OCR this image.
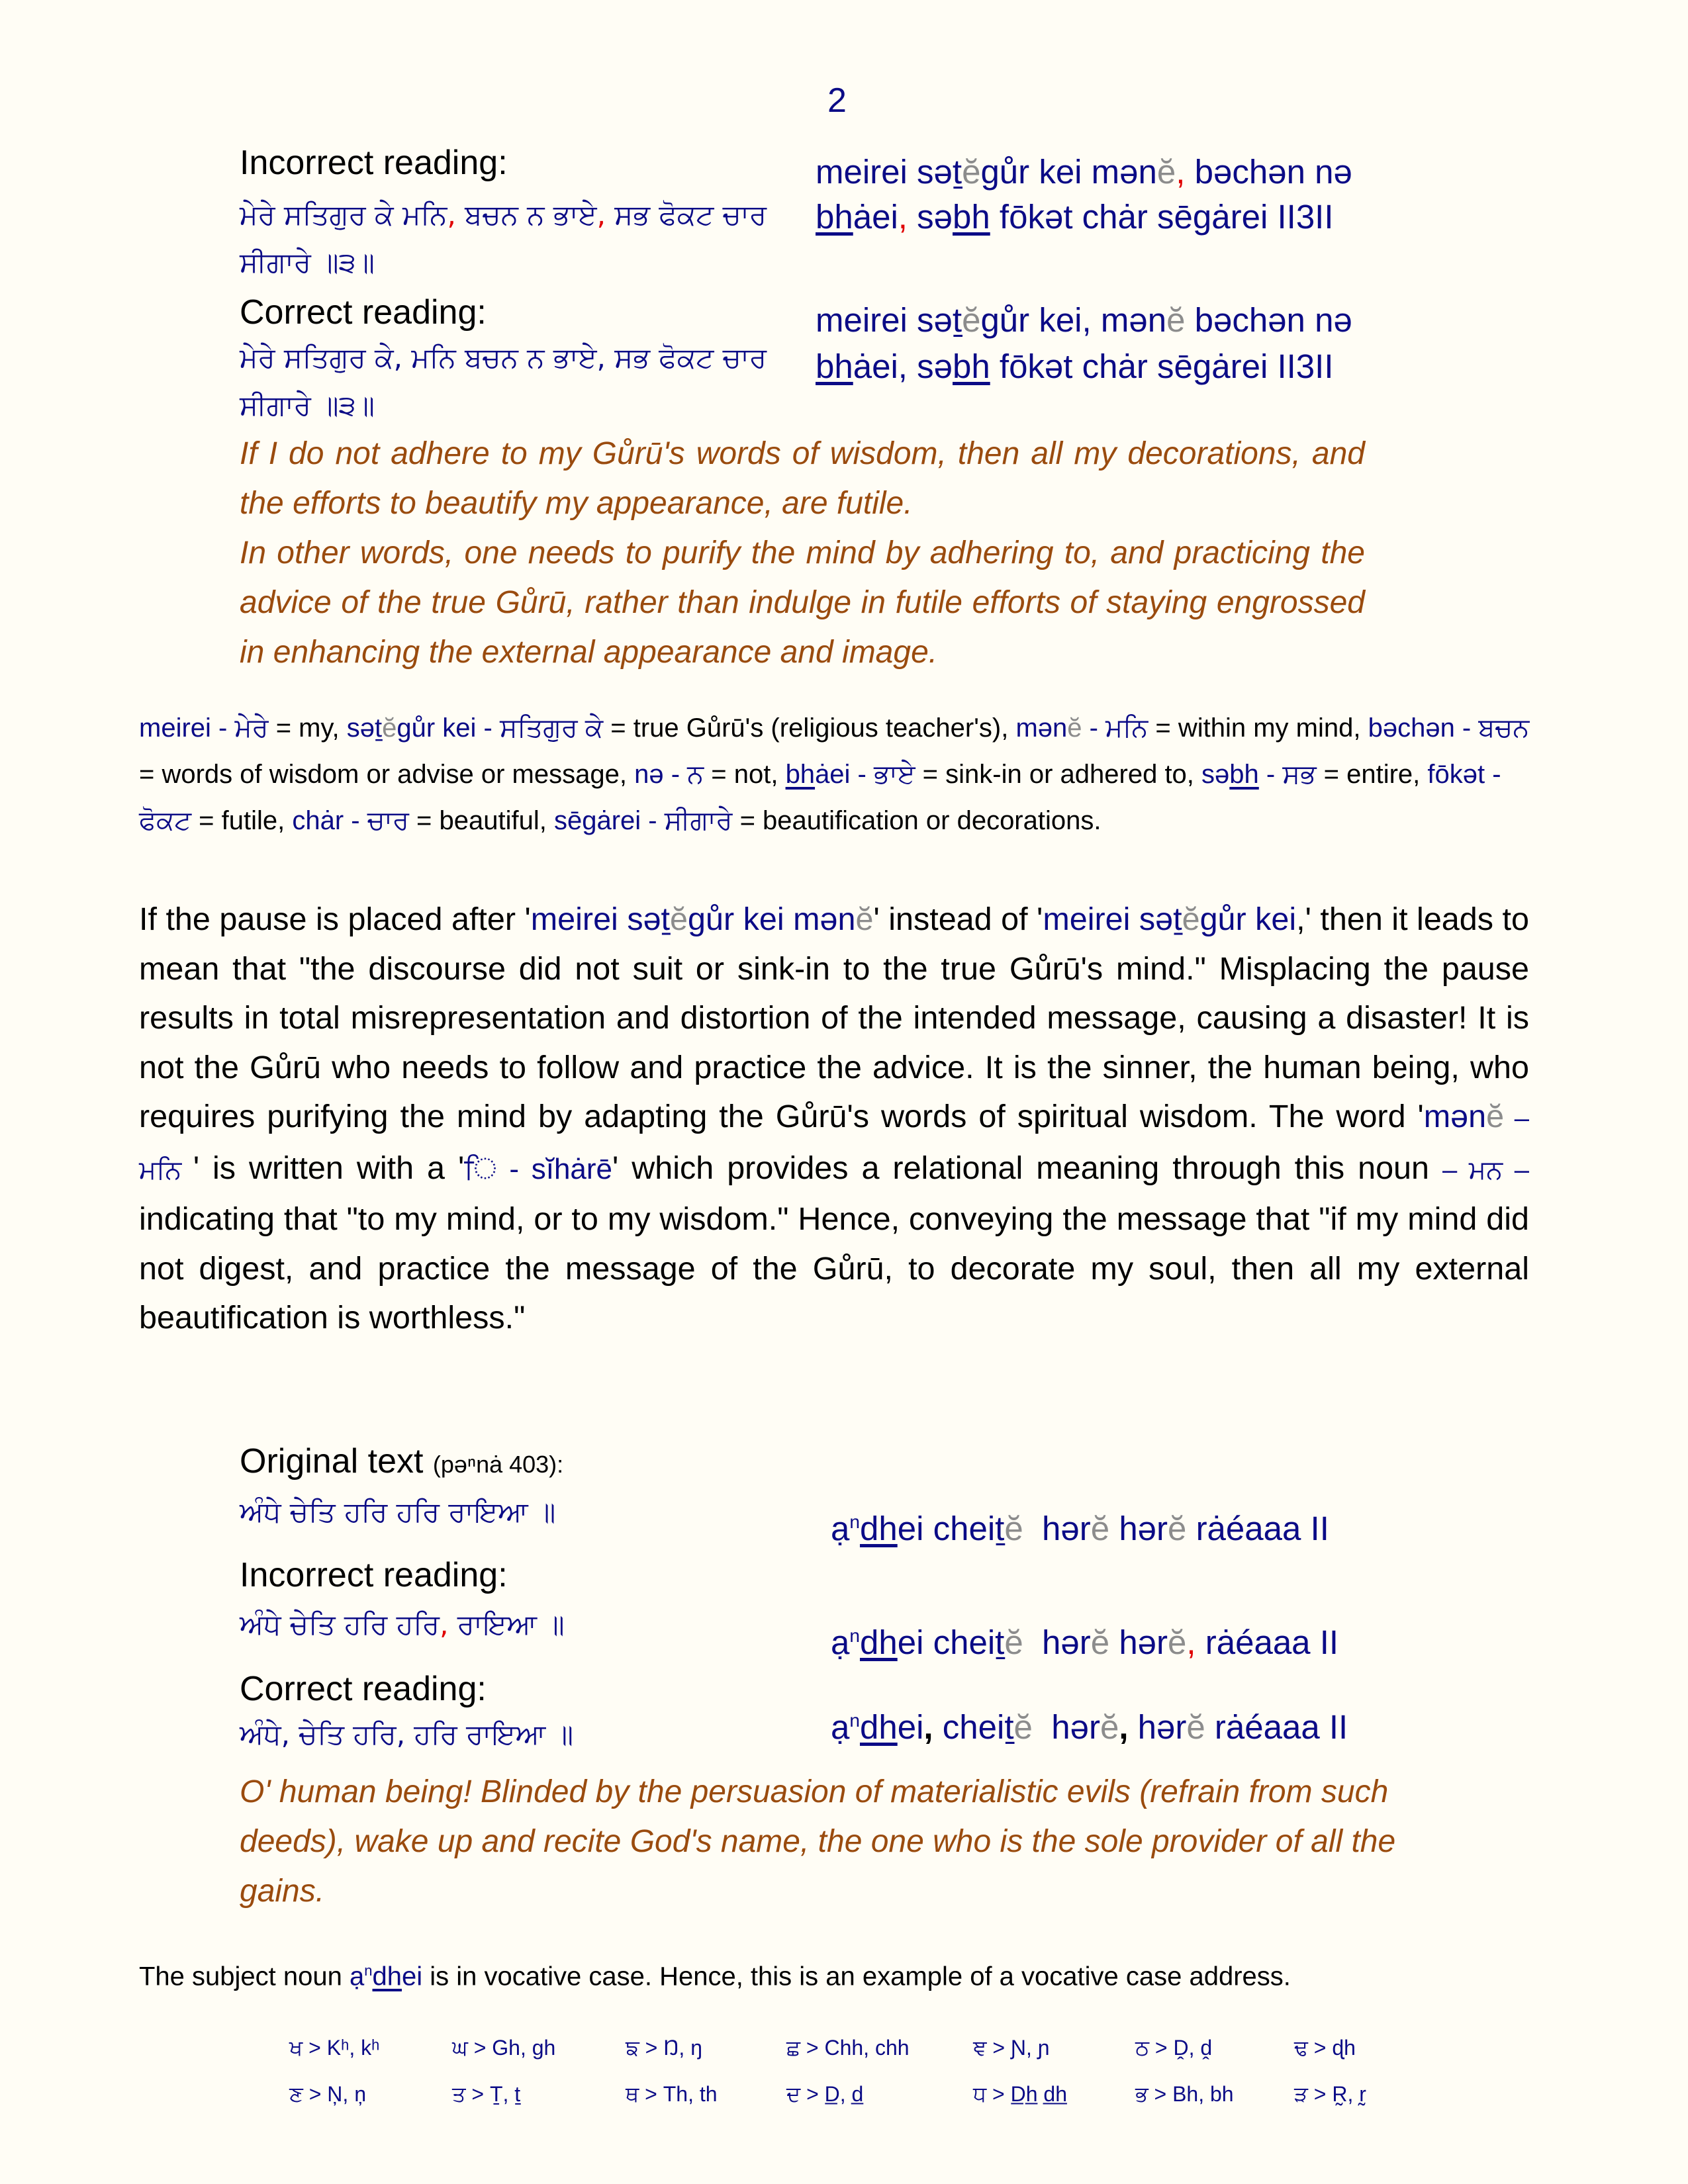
2
Incorrect reading:
ਮੇਰੇ ਸਤਿਗੁਰ ਕੇ ਮਨਿ, ਬਚਨ ਨ ਭਾਏ, ਸਭ ਫੋਕਟ ਚਾਰ
ਸੀਗਾਰੇ ॥੩॥
meirei səṯĕgůr kei mənĕ, bəchən nə
bhȧei, səbh fōkət chȧr sēgȧrei II3II
Correct reading:
ਮੇਰੇ ਸਤਿਗੁਰ ਕੇ, ਮਨਿ ਬਚਨ ਨ ਭਾਏ, ਸਭ ਫੋਕਟ ਚਾਰ
ਸੀਗਾਰੇ ॥੩॥
meirei səṯĕgůr kei, mənĕ bəchən nə
bhȧei, səbh fōkət chȧr sēgȧrei II3II
If I do not adhere to my Gůrū's words of wisdom, then all my decorations, and the efforts to beautify my appearance, are futile.
In other words, one needs to purify the mind by adhering to, and practicing the advice of the true Gůrū, rather than indulge in futile efforts of staying engrossed in enhancing the external appearance and image.
meirei - ਮੇਰੇ = my, səṯĕgůr kei - ਸਤਿਗੁਰ ਕੇ = true Gůrū's (religious teacher's), mənĕ - ਮਨਿ = within my mind, bəchən - ਬਚਨ = words of wisdom or advise or message, nə - ਨ = not, bhȧei - ਭਾਏ = sink-in or adhered to, səbh - ਸਭ = entire, fōkət - ਫੋਕਟ = futile, chȧr - ਚਾਰ = beautiful, sēgȧrei - ਸੀਗਾਰੇ = beautification or decorations.
If the pause is placed after 'meirei səṯĕgůr kei mənĕ' instead of 'meirei səṯĕgůr kei,' then it leads to mean that "the discourse did not suit or sink-in to the true Gůrū's mind." Misplacing the pause results in total misrepresentation and distortion of the intended message, causing a disaster! It is not the Gůrū who needs to follow and practice the advice. It is the sinner, the human being, who requires purifying the mind by adapting the Gůrū's words of spiritual wisdom. The word 'mənĕ – ਮਨਿ ' is written with a 'ਿ - sĭhȧrē' which provides a relational meaning through this noun – ਮਨ – indicating that "to my mind, or to my wisdom." Hence, conveying the message that "if my mind did not digest, and practice the message of the Gůrū, to decorate my soul, then all my external beautification is worthless."
Original text (pəⁿnȧ 403):
ਅੰਧੇ ਚੇਤਿ ਹਰਿ ਹਰਿ ਰਾਇਆ ॥
Incorrect reading:
ਅੰਧੇ ਚੇਤਿ ਹਰਿ ਹਰਿ, ਰਾਇਆ ॥
Correct reading:
ਅੰਧੇ, ਚੇਤਿ ਹਰਿ, ਹਰਿ ਰਾਇਆ ॥
ạ$^n$dhei cheiṯĕ hərĕ hərĕ rȧéaaa II
ạ$^n$dhei cheiṯĕ hərĕ hərĕ, rȧéaaa II
ạ$^n$dhei, cheiṯĕ hərĕ, hərĕ rȧéaaa II
O' human being! Blinded by the persuasion of materialistic evils (refrain from such deeds), wake up and recite God's name, the one who is the sole provider of all the gains.
The subject noun ạ$^n$dhei is in vocative case. Hence, this is an example of a vocative case address.
ਖ > Kʰ, kʰ	ਘ > Gh, gh	ਙ > Ŋ, ŋ	ਛ > Chh, chh	ਞ > Ɲ, ɲ	ਠ > Ḓ, ḓ	ਢ > ɖh
ਣ > Ņ, ņ	ਤ > Ṯ, ṯ	ਥ > Th, th	ਦ > D̲, d̲	ਧ > D̲h̲ d̲h̲	ਭ > Bh, bh	ੜ > R̰, r̰
